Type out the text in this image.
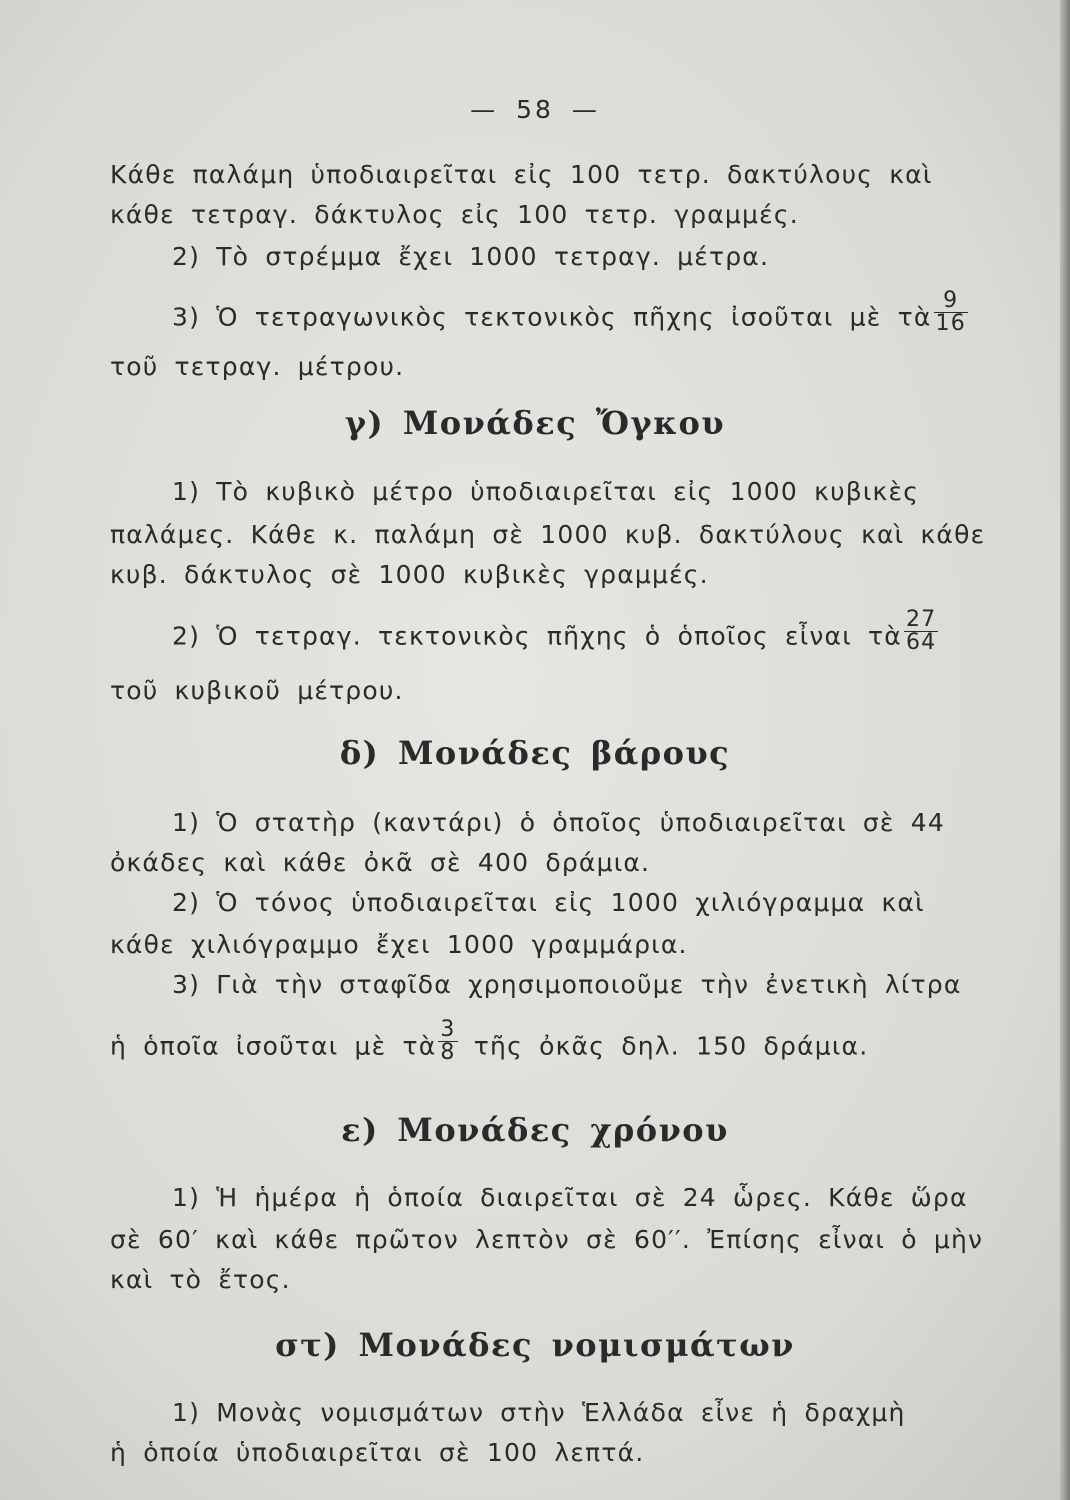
— 58 —
Κάθε παλάμη ὑποδιαιρεῖται εἰς 100 τετρ. δακτύλους καὶ
κάθε τετραγ. δάκτυλος εἰς 100 τετρ. γραμμές.
2) Τὸ στρέμμα ἔχει 1000 τετραγ. μέτρα.
3) Ὁ τετραγωνικὸς τεκτονικὸς πῆχης ἰσοῦται μὲ τὰ $\frac{9}{16}$
τοῦ τετραγ. μέτρου.
γ) Μονάδες Ὄγκου
1) Τὸ κυβικὸ μέτρο ὑποδιαιρεῖται εἰς 1000 κυβικὲς
παλάμες. Κάθε κ. παλάμη σὲ 1000 κυβ. δακτύλους καὶ κάθε
κυβ. δάκτυλος σὲ 1000 κυβικὲς γραμμές.
2) Ὁ τετραγ. τεκτονικὸς πῆχης ὁ ὁποῖος εἶναι τὰ $\frac{27}{64}$
τοῦ κυβικοῦ μέτρου.
δ) Μονάδες βάρους
1) Ὁ στατὴρ (καντάρι) ὁ ὁποῖος ὑποδιαιρεῖται σὲ 44
ὀκάδες καὶ κάθε ὀκᾶ σὲ 400 δράμια.
2) Ὁ τόνος ὑποδιαιρεῖται εἰς 1000 χιλιόγραμμα καὶ
κάθε χιλιόγραμμο ἔχει 1000 γραμμάρια.
3) Γιὰ τὴν σταφῖδα χρησιμοποιοῦμε τὴν ἐνετικὴ λίτρα
ἡ ὁποῖα ἰσοῦται μὲ τὰ $\frac{3}{8}$ τῆς ὀκᾶς δηλ. 150 δράμια.
ε) Μονάδες χρόνου
1) Ἡ ἡμέρα ἡ ὁποία διαιρεῖται σὲ 24 ὧρες. Κάθε ὥρα
σὲ 60′ καὶ κάθε πρῶτον λεπτὸν σὲ 60′′. Ἐπίσης εἶναι ὁ μὴν
καὶ τὸ ἔτος.
στ) Μονάδες νομισμάτων
1) Μονὰς νομισμάτων στὴν Ἑλλάδα εἶνε ἡ δραχμὴ
ἡ ὁποία ὑποδιαιρεῖται σὲ 100 λεπτά.
